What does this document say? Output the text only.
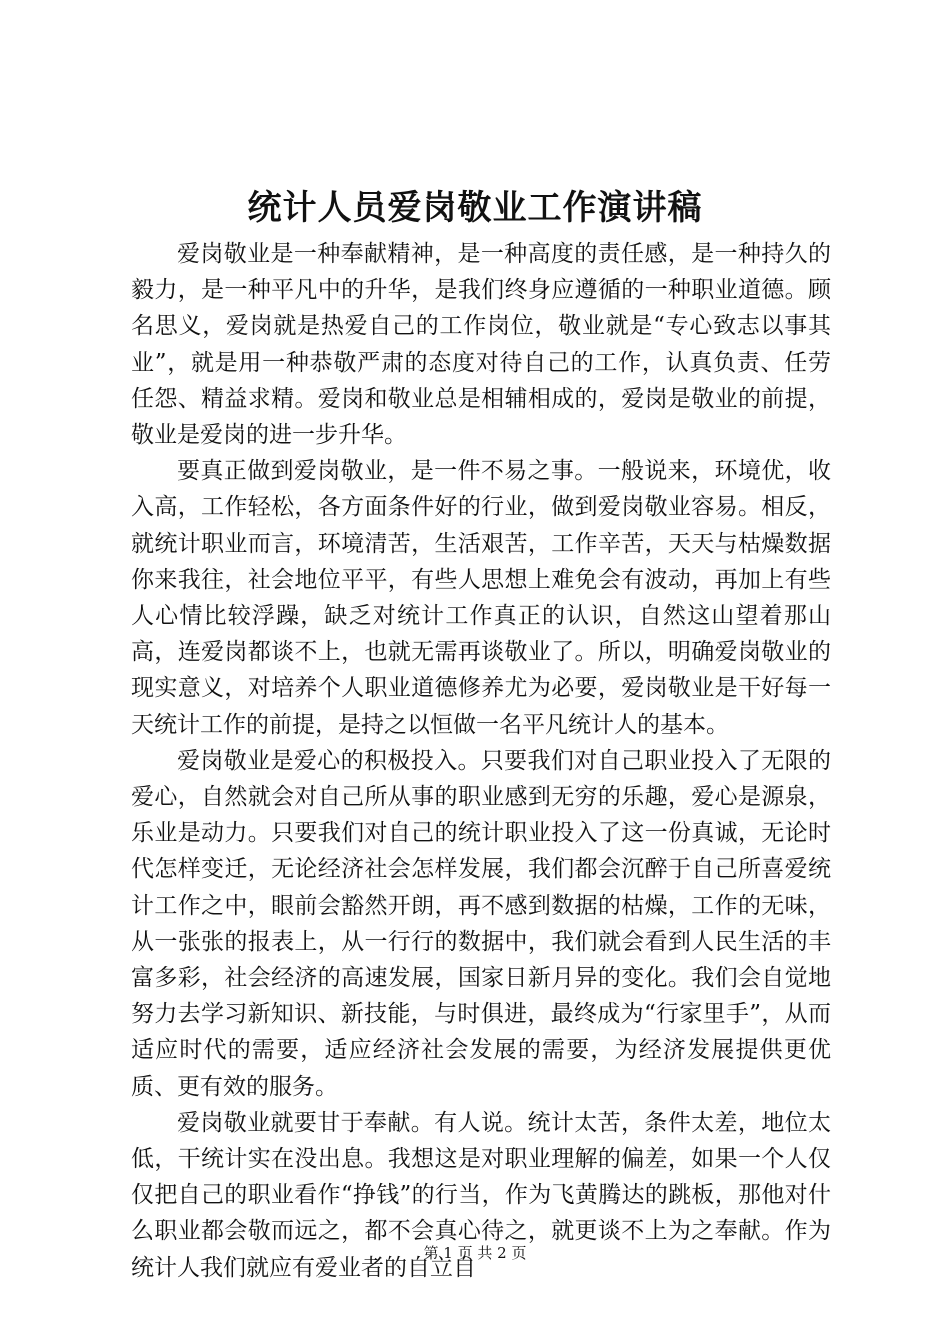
统计人员爱岗敬业工作演讲稿

爱岗敬业是一种奉献精神，是一种高度的责任感，是一种持久的毅力，是一种平凡中的升华，是我们终身应遵循的一种职业道德。顾名思义，爱岗就是热爱自己的工作岗位，敬业就是“专心致志以事其业”，就是用一种恭敬严肃的态度对待自己的工作，认真负责、任劳任怨、精益求精。爱岗和敬业总是相辅相成的，爱岗是敬业的前提，敬业是爱岗的进一步升华。

要真正做到爱岗敬业，是一件不易之事。一般说来，环境优，收入高，工作轻松，各方面条件好的行业，做到爱岗敬业容易。相反，就统计职业而言，环境清苦，生活艰苦，工作辛苦，天天与枯燥数据你来我往，社会地位平平，有些人思想上难免会有波动，再加上有些人心情比较浮躁，缺乏对统计工作真正的认识，自然这山望着那山高，连爱岗都谈不上，也就无需再谈敬业了。所以，明确爱岗敬业的现实意义，对培养个人职业道德修养尤为必要，爱岗敬业是干好每一天统计工作的前提，是持之以恒做一名平凡统计人的基本。

爱岗敬业是爱心的积极投入。只要我们对自己职业投入了无限的爱心，自然就会对自己所从事的职业感到无穷的乐趣，爱心是源泉，乐业是动力。只要我们对自己的统计职业投入了这一份真诚，无论时代怎样变迁，无论经济社会怎样发展，我们都会沉醉于自己所喜爱统计工作之中，眼前会豁然开朗，再不感到数据的枯燥，工作的无味，从一张张的报表上，从一行行的数据中，我们就会看到人民生活的丰富多彩，社会经济的高速发展，国家日新月异的变化。我们会自觉地努力去学习新知识、新技能，与时俱进，最终成为“行家里手”，从而适应时代的需要，适应经济社会发展的需要，为经济发展提供更优质、更有效的服务。

爱岗敬业就要甘于奉献。有人说。统计太苦，条件太差，地位太低，干统计实在没出息。我想这是对职业理解的偏差，如果一个人仅仅把自己的职业看作“挣钱”的行当，作为飞黄腾达的跳板，那他对什么职业都会敬而远之，都不会真心待之，就更谈不上为之奉献。作为统计人我们就应有爱业者的自立自

第 1 页 共 2 页
